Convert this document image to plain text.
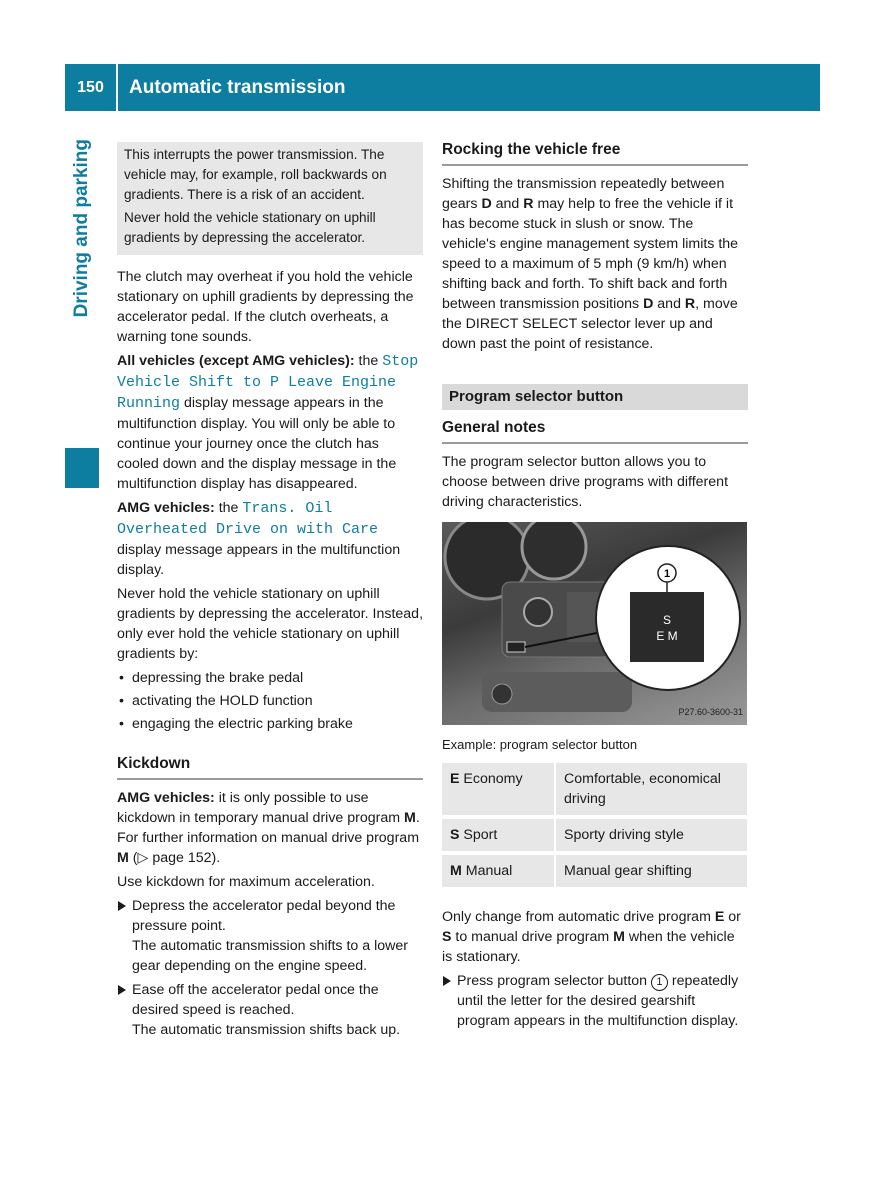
150	Automatic transmission
Driving and parking This interrupts the power transmission. The vehicle may, for example, roll backwards on gradients. There is a risk of an accident.

Never hold the vehicle stationary on uphill gradients by depressing the accelerator.

The clutch may overheat if you hold the vehicle stationary on uphill gradients by depressing the accelerator pedal. If the clutch overheats, a warning tone sounds.

All vehicles (except AMG vehicles): the Stop Vehicle Shift to P Leave Engine Running display message appears in the multifunction display. You will only be able to continue your journey once the clutch has cooled down and the display message in the multifunction display has disappeared.

AMG vehicles: the Trans. Oil Overheated Drive on with Care display message appears in the multifunction display.

Never hold the vehicle stationary on uphill gradients by depressing the accelerator. Instead, only ever hold the vehicle stationary on uphill gradients by:

• depressing the brake pedal
• activating the HOLD function
• engaging the electric parking brake
Kickdown

AMG vehicles: it is only possible to use kickdown in temporary manual drive program M. For further information on manual drive program M (▷ page 152).

Use kickdown for maximum acceleration.

Depress the accelerator pedal beyond the pressure point.
The automatic transmission shifts to a lower gear depending on the engine speed.
Ease off the accelerator pedal once the desired speed is reached.
The automatic transmission shifts back up.
Rocking the vehicle free

Shifting the transmission repeatedly between gears D and R may help to free the vehicle if it has become stuck in slush or snow. The vehicle's engine management system limits the speed to a maximum of 5 mph (9 km/h) when shifting back and forth. To shift back and forth between transmission positions D and R, move the DIRECT SELECT selector lever up and down past the point of resistance.

Program selector button
General notes

The program selector button allows you to choose between drive programs with different driving characteristics.

S
E M
1
P27.60-3600-31
Example: program selector button
E Economy	Comfortable, economical driving
S Sport	Sporty driving style
M Manual	Manual gear shifting

Only change from automatic drive program E or S to manual drive program M when the vehicle is stationary.

Press program selector button 1 repeatedly until the letter for the desired gearshift program appears in the multifunction display.
